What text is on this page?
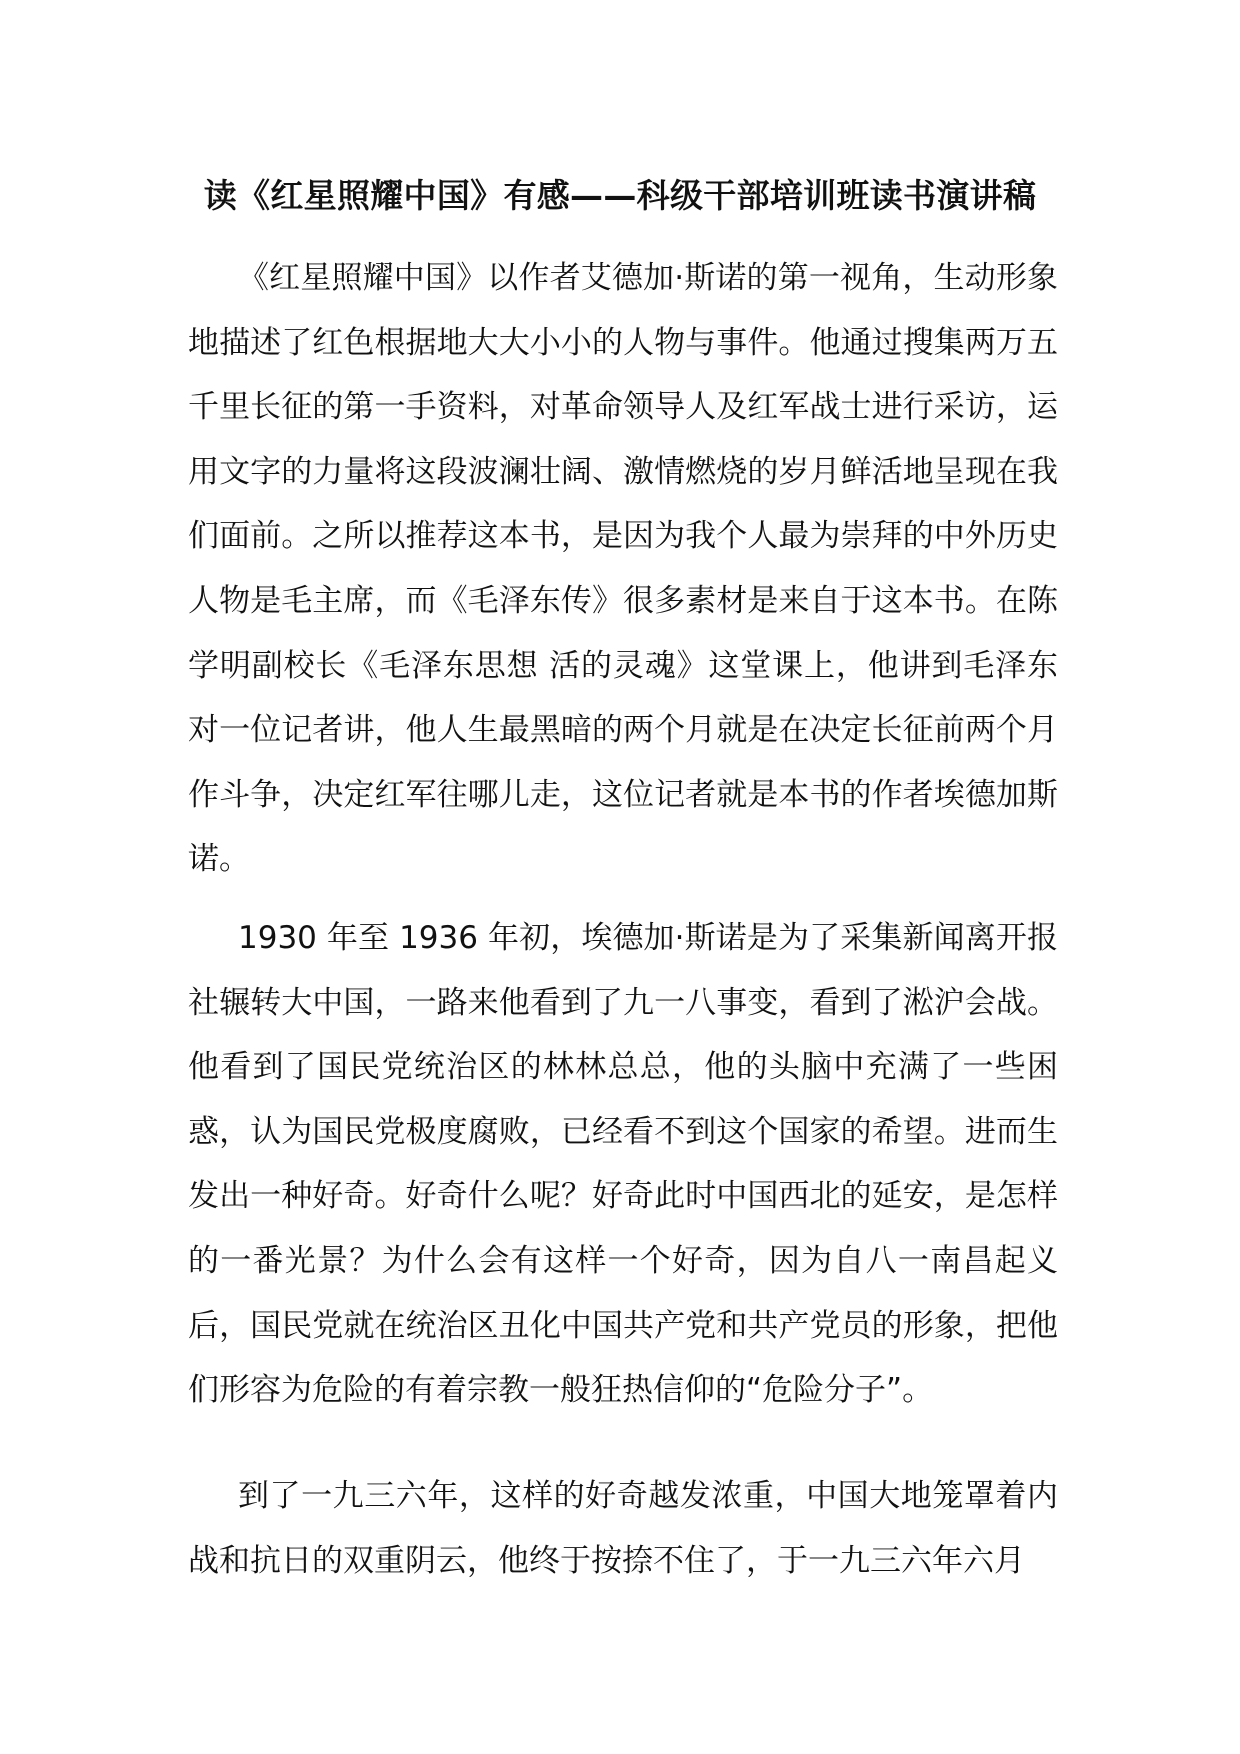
读《红星照耀中国》有感——科级干部培训班读书演讲稿

《红星照耀中国》以作者艾德加·斯诺的第一视角，生动形象地描述了红色根据地大大小小的人物与事件。他通过搜集两万五千里长征的第一手资料，对革命领导人及红军战士进行采访，运用文字的力量将这段波澜壮阔、激情燃烧的岁月鲜活地呈现在我们面前。之所以推荐这本书，是因为我个人最为崇拜的中外历史人物是毛主席，而《毛泽东传》很多素材是来自于这本书。在陈学明副校长《毛泽东思想 活的灵魂》这堂课上，他讲到毛泽东对一位记者讲，他人生最黑暗的两个月就是在决定长征前两个月作斗争，决定红军往哪儿走，这位记者就是本书的作者埃德加斯诺。

1930 年至 1936 年初，埃德加·斯诺是为了采集新闻离开报社辗转大中国，一路来他看到了九一八事变，看到了淞沪会战。他看到了国民党统治区的林林总总，他的头脑中充满了一些困惑，认为国民党极度腐败，已经看不到这个国家的希望。进而生发出一种好奇。好奇什么呢？好奇此时中国西北的延安，是怎样的一番光景？为什么会有这样一个好奇，因为自八一南昌起义后，国民党就在统治区丑化中国共产党和共产党员的形象，把他们形容为危险的有着宗教一般狂热信仰的“危险分子”。

到了一九三六年，这样的好奇越发浓重，中国大地笼罩着内战和抗日的双重阴云，他终于按捺不住了，于一九三六年六月
